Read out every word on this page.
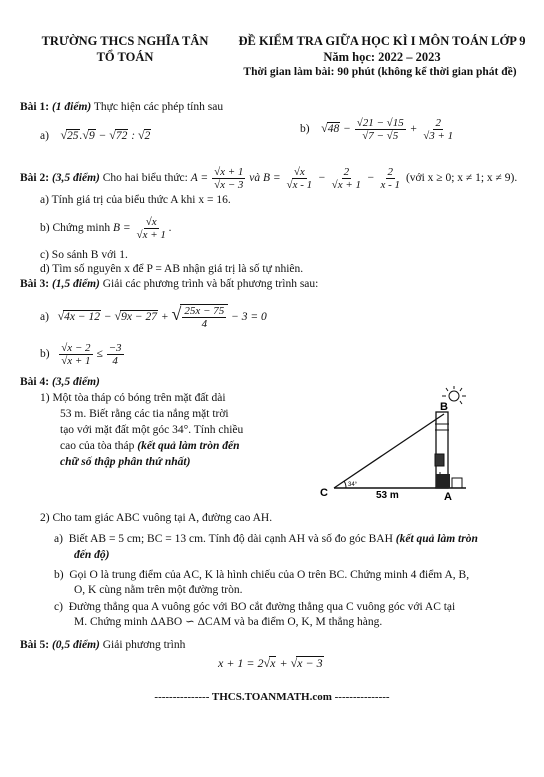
TRƯỜNG THCS NGHĨA TÂN
TỔ TOÁN
ĐỀ KIỂM TRA GIỮA HỌC KÌ I MÔN TOÁN LỚP 9
Năm học: 2022 – 2023
Thời gian làm bài: 90 phút (không kể thời gian phát đề)
Bài 1: (1 điểm) Thực hiện các phép tính sau
a) √25.√9 − √72 : √2
b) $√48 - \frac{√21 - √15}{√7 - √5} + \frac{2}{√3 + 1}$
Bài 2: (3,5 điểm) Cho hai biểu thức: $A = \frac{√x + 1}{√x - 3}$ và $B = \frac{√x}{√x - 1} - \frac{2}{√x + 1} - \frac{2}{x - 1}$ (với x ≥ 0; x ≠ 1; x ≠ 9).
a) Tính giá trị của biểu thức A khi x = 16.
b) Chứng minh $B = \frac{√x}{√x + 1}$ .
c) So sánh B với 1.
d) Tìm số nguyên x để P = AB nhận giá trị là số tự nhiên.
Bài 3: (1,5 điểm) Giải các phương trình và bất phương trình sau:
a) √4x − 12 − √9x − 27 + √ $\frac{25x - 75}{4} - 3 = 0$
$b) \frac{√x - 2}{√x + 1} \le \frac{-3}{4}$
Bài 4: (3,5 điểm)
1) Một tòa tháp có bóng trên mặt đất dài
53 m. Biết rằng các tia nắng mặt trời
tạo với mặt đất một góc 34°. Tính chiều
cao của tòa tháp (kết quả làm tròn đến
chữ số thập phân thứ nhất)
C	A
B
53 m
34°
2) Cho tam giác ABC vuông tại A, đường cao AH.
a) Biết AB = 5 cm; BC = 13 cm. Tính độ dài cạnh AH và số đo góc BAH (kết quả làm tròn
đến độ)
b) Gọi O là trung điểm của AC, K là hình chiếu của O trên BC. Chứng minh 4 điểm A, B,
O, K cùng nằm trên một đường tròn.
c) Đường thẳng qua A vuông góc với BO cắt đường thẳng qua C vuông góc với AC tại
M. Chứng minh ΔABO ∽ ΔCAM và ba điểm O, K, M thẳng hàng.
Bài 5: (0,5 điểm) Giải phương trình
x + 1 = 2√x + √x − 3
--------------- THCS.TOANMATH.com ---------------
